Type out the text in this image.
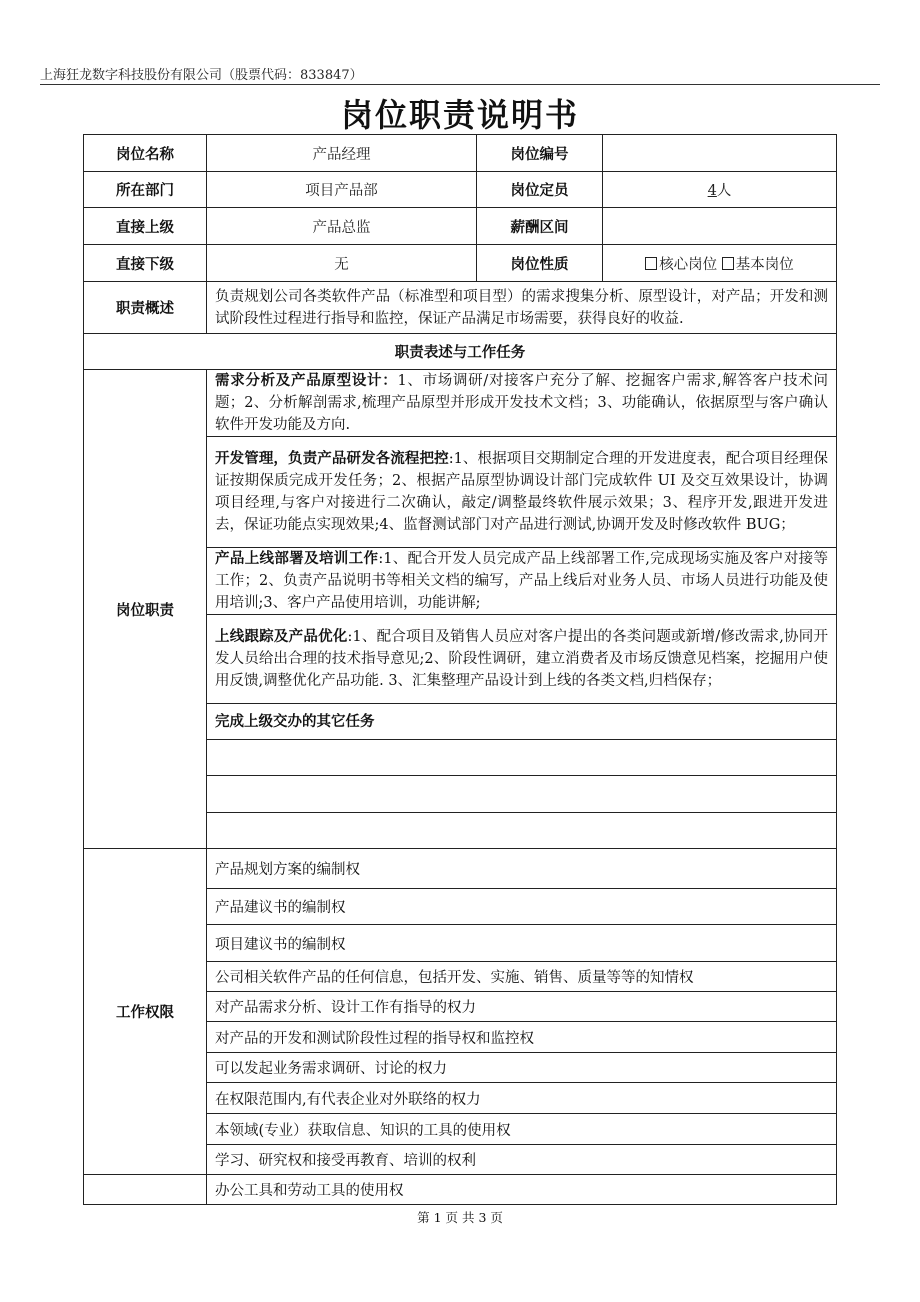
上海狂龙数字科技股份有限公司（股票代码：833847）
岗位职责说明书
岗位名称	产品经理	岗位编号	
所在部门	项目产品部	岗位定员	4人
直接上级	产品总监	薪酬区间	
直接下级	无	岗位性质	核心岗位 基本岗位
职责概述	负责规划公司各类软件产品（标准型和项目型）的需求搜集分析、原型设计，对产品；开发和测试阶段性过程进行指导和监控，保证产品满足市场需要，获得良好的收益.		
职责表述与工作任务			
岗位职责	需求分析及产品原型设计：1、市场调研/对接客户充分了解、挖掘客户需求,解答客户技术问题；2、分析解剖需求,梳理产品原型并形成开发技术文档；3、功能确认，依据原型与客户确认软件开发功能及方向.		
	开发管理，负责产品研发各流程把控:1、根据项目交期制定合理的开发进度表，配合项目经理保证按期保质完成开发任务；2、根据产品原型协调设计部门完成软件 UI 及交互效果设计，协调项目经理,与客户对接进行二次确认，敲定/调整最终软件展示效果；3、程序开发,跟进开发进去，保证功能点实现效果;4、监督测试部门对产品进行测试,协调开发及时修改软件 BUG；		
	产品上线部署及培训工作:1、配合开发人员完成产品上线部署工作,完成现场实施及客户对接等工作；2、负责产品说明书等相关文档的编写，产品上线后对业务人员、市场人员进行功能及使用培训;3、客户产品使用培训，功能讲解;		
	上线跟踪及产品优化:1、配合项目及销售人员应对客户提出的各类问题或新增/修改需求,协同开发人员给出合理的技术指导意见;2、阶段性调研，建立消费者及市场反馈意见档案，挖掘用户使用反馈,调整优化产品功能. 3、汇集整理产品设计到上线的各类文档,归档保存；		
	完成上级交办的其它任务		

工作权限	产品规划方案的编制权		
	产品建议书的编制权		
	项目建议书的编制权		
	公司相关软件产品的任何信息，包括开发、实施、销售、质量等等的知情权		
	对产品需求分析、设计工作有指导的权力		
	对产品的开发和测试阶段性过程的指导权和监控权		
	可以发起业务需求调研、讨论的权力		
	在权限范围内,有代表企业对外联络的权力		
	本领域(专业）获取信息、知识的工具的使用权		
	学习、研究权和接受再教育、培训的权利		
	办公工具和劳动工具的使用权		
第 1 页 共 3 页
